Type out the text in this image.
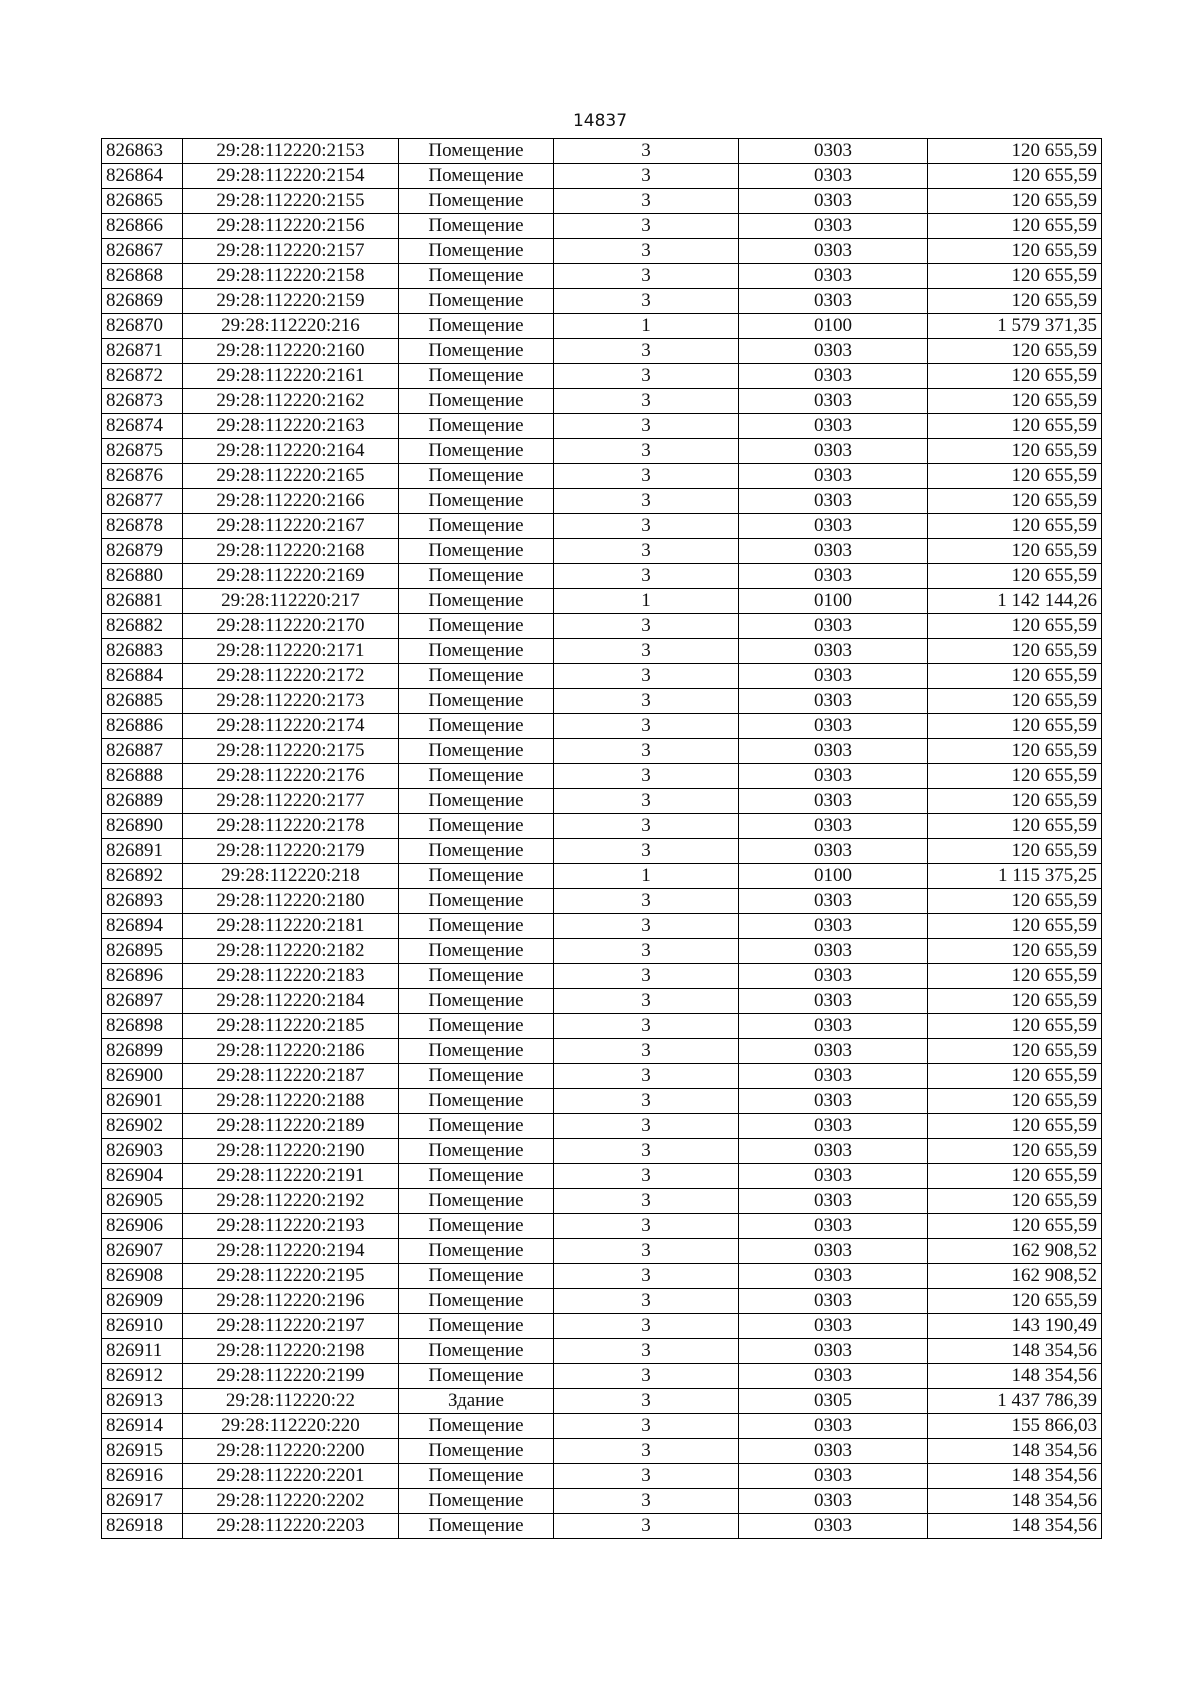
14837
826863	29:28:112220:2153	Помещение	3	0303	120 655,59
826864	29:28:112220:2154	Помещение	3	0303	120 655,59
826865	29:28:112220:2155	Помещение	3	0303	120 655,59
826866	29:28:112220:2156	Помещение	3	0303	120 655,59
826867	29:28:112220:2157	Помещение	3	0303	120 655,59
826868	29:28:112220:2158	Помещение	3	0303	120 655,59
826869	29:28:112220:2159	Помещение	3	0303	120 655,59
826870	29:28:112220:216	Помещение	1	0100	1 579 371,35
826871	29:28:112220:2160	Помещение	3	0303	120 655,59
826872	29:28:112220:2161	Помещение	3	0303	120 655,59
826873	29:28:112220:2162	Помещение	3	0303	120 655,59
826874	29:28:112220:2163	Помещение	3	0303	120 655,59
826875	29:28:112220:2164	Помещение	3	0303	120 655,59
826876	29:28:112220:2165	Помещение	3	0303	120 655,59
826877	29:28:112220:2166	Помещение	3	0303	120 655,59
826878	29:28:112220:2167	Помещение	3	0303	120 655,59
826879	29:28:112220:2168	Помещение	3	0303	120 655,59
826880	29:28:112220:2169	Помещение	3	0303	120 655,59
826881	29:28:112220:217	Помещение	1	0100	1 142 144,26
826882	29:28:112220:2170	Помещение	3	0303	120 655,59
826883	29:28:112220:2171	Помещение	3	0303	120 655,59
826884	29:28:112220:2172	Помещение	3	0303	120 655,59
826885	29:28:112220:2173	Помещение	3	0303	120 655,59
826886	29:28:112220:2174	Помещение	3	0303	120 655,59
826887	29:28:112220:2175	Помещение	3	0303	120 655,59
826888	29:28:112220:2176	Помещение	3	0303	120 655,59
826889	29:28:112220:2177	Помещение	3	0303	120 655,59
826890	29:28:112220:2178	Помещение	3	0303	120 655,59
826891	29:28:112220:2179	Помещение	3	0303	120 655,59
826892	29:28:112220:218	Помещение	1	0100	1 115 375,25
826893	29:28:112220:2180	Помещение	3	0303	120 655,59
826894	29:28:112220:2181	Помещение	3	0303	120 655,59
826895	29:28:112220:2182	Помещение	3	0303	120 655,59
826896	29:28:112220:2183	Помещение	3	0303	120 655,59
826897	29:28:112220:2184	Помещение	3	0303	120 655,59
826898	29:28:112220:2185	Помещение	3	0303	120 655,59
826899	29:28:112220:2186	Помещение	3	0303	120 655,59
826900	29:28:112220:2187	Помещение	3	0303	120 655,59
826901	29:28:112220:2188	Помещение	3	0303	120 655,59
826902	29:28:112220:2189	Помещение	3	0303	120 655,59
826903	29:28:112220:2190	Помещение	3	0303	120 655,59
826904	29:28:112220:2191	Помещение	3	0303	120 655,59
826905	29:28:112220:2192	Помещение	3	0303	120 655,59
826906	29:28:112220:2193	Помещение	3	0303	120 655,59
826907	29:28:112220:2194	Помещение	3	0303	162 908,52
826908	29:28:112220:2195	Помещение	3	0303	162 908,52
826909	29:28:112220:2196	Помещение	3	0303	120 655,59
826910	29:28:112220:2197	Помещение	3	0303	143 190,49
826911	29:28:112220:2198	Помещение	3	0303	148 354,56
826912	29:28:112220:2199	Помещение	3	0303	148 354,56
826913	29:28:112220:22	Здание	3	0305	1 437 786,39
826914	29:28:112220:220	Помещение	3	0303	155 866,03
826915	29:28:112220:2200	Помещение	3	0303	148 354,56
826916	29:28:112220:2201	Помещение	3	0303	148 354,56
826917	29:28:112220:2202	Помещение	3	0303	148 354,56
826918	29:28:112220:2203	Помещение	3	0303	148 354,56
